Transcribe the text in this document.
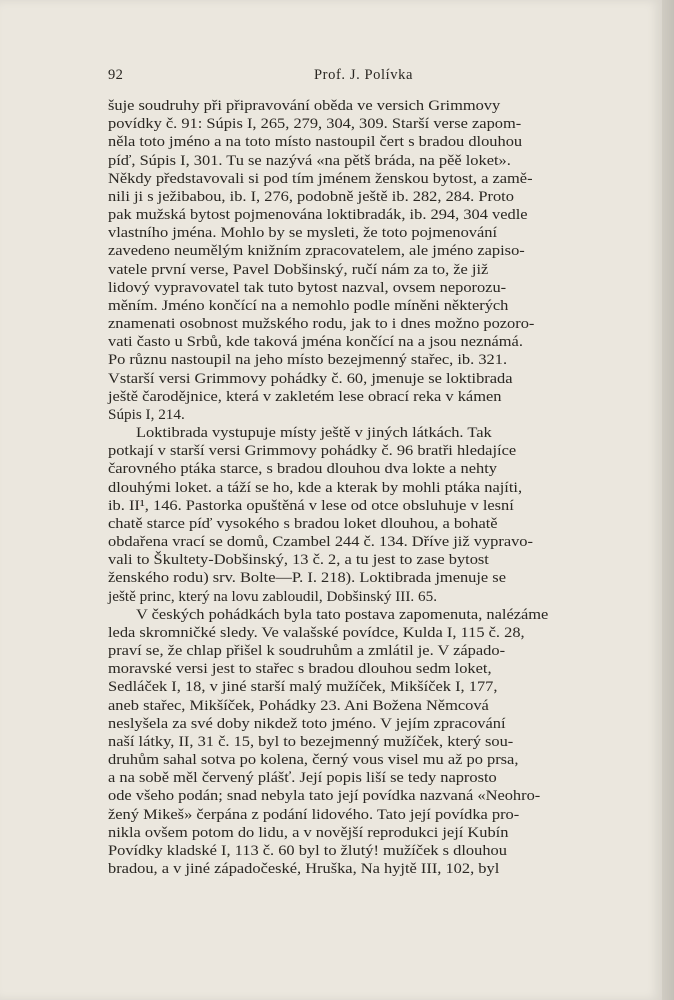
92	Prof. J. Polívka
šuje soudruhy při připravování oběda ve versich Grimmovy
povídky č. 91: Súpis I, 265, 279, 304, 309. Starší verse zapom-
něla toto jméno a na toto místo nastoupil čert s bradou dlouhou
píď, Súpis I, 301. Tu se nazývá «na pětš bráda, na pěě loket».
Někdy představovali si pod tím jménem ženskou bytost, a zamě-
nili ji s ježibabou, ib. I, 276, podobně ještě ib. 282, 284. Proto
pak mužská bytost pojmenována loktibradák, ib. 294, 304 vedle
vlastního jména. Mohlo by se mysleti, že toto pojmenování
zavedeno neumělým knižním zpracovatelem, ale jméno zapiso-
vatele první verse, Pavel Dobšinský, ručí nám za to, že již
lidový vypravovatel tak tuto bytost nazval, ovsem neporozu-
měním. Jméno končící na a nemohlo podle míněni některých
znamenati osobnost mužského rodu, jak to i dnes možno pozoro-
vati často u Srbů, kde taková jména končící na a jsou neznámá.
Po různu nastoupil na jeho místo bezejmenný stařec, ib. 321.
Vstarší versi Grimmovy pohádky č. 60, jmenuje se loktibrada
ještě čarodějnice, která v zakletém lese obrací reka v kámen
Súpis I, 214.
Loktibrada vystupuje místy ještě v jiných látkách. Tak
potkají v starší versi Grimmovy pohádky č. 96 bratři hledajíce
čarovného ptáka starce, s bradou dlouhou dva lokte a nehty
dlouhými loket. a táží se ho, kde a kterak by mohli ptáka najíti,
ib. II¹, 146. Pastorka opuštěná v lese od otce obsluhuje v lesní
chatě starce píď vysokého s bradou loket dlouhou, a bohatě
obdařena vrací se domů, Czambel 244 č. 134. Dříve již vypravo-
vali to Škultety-Dobšinský, 13 č. 2, a tu jest to zase bytost
ženského rodu) srv. Bolte—P. I. 218). Loktibrada jmenuje se
ještě princ, který na lovu zabloudil, Dobšinský III. 65.
V českých pohádkách byla tato postava zapomenuta, nalézáme
leda skromničké sledy. Ve valašské povídce, Kulda I, 115 č. 28,
praví se, že chlap přišel k soudruhům a zmlátil je. V západo-
moravské versi jest to stařec s bradou dlouhou sedm loket,
Sedláček I, 18, v jiné starší malý mužíček, Mikšíček I, 177,
aneb stařec, Mikšíček, Pohádky 23. Ani Božena Němcová
neslyšela za své doby nikdež toto jméno. V jejím zpracování
naší látky, II, 31 č. 15, byl to bezejmenný mužíček, který sou-
druhům sahal sotva po kolena, černý vous visel mu až po prsa,
a na sobě měl červený plášť. Její popis liší se tedy naprosto
ode všeho podán; snad nebyla tato její povídka nazvaná «Neohro-
žený Mikeš» čerpána z podání lidového. Tato její povídka pro-
nikla ovšem potom do lidu, a v novější reprodukci její Kubín
Povídky kladské I, 113 č. 60 byl to žlutý! mužíček s dlouhou
bradou, a v jiné západočeské, Hruška, Na hyjtě III, 102, byl
